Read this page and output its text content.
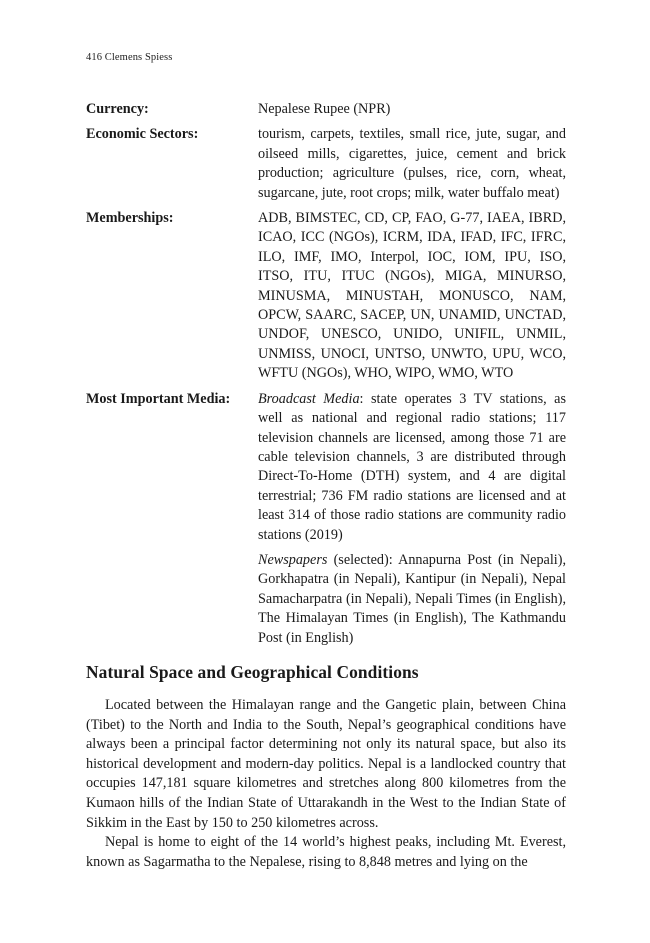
416 Clemens Spiess
Currency:	Nepalese Rupee (NPR)

Economic Sectors:	tourism, carpets, textiles, small rice, jute, sugar, and oilseed mills, cigarettes, juice, cement and brick production; agriculture (pulses, rice, corn, wheat, sugarcane, jute, root crops; milk, water buffalo meat)

Memberships:	ADB, BIMSTEC, CD, CP, FAO, G-77, IAEA, IBRD, ICAO, ICC (NGOs), ICRM, IDA, IFAD, IFC, IFRC, ILO, IMF, IMO, Interpol, IOC, IOM, IPU, ISO, ITSO, ITU, ITUC (NGOs), MIGA, MINURSO, MINUSMA, MINUSTAH, MONUSCO, NAM, OPCW, SAARC, SACEP, UN, UNAMID, UNCTAD, UNDOF, UNESCO, UNIDO, UNIFIL, UNMIL, UNMISS, UNOCI, UNTSO, UNWTO, UPU, WCO, WFTU (NGOs), WHO, WIPO, WMO, WTO

Most Important Media:	Broadcast Media: state operates 3 TV stations, as well as national and regional radio stations; 117 television channels are licensed, among those 71 are cable television channels, 3 are distributed through Direct-To-Home (DTH) system, and 4 are digital terrestrial; 736 FM radio stations are licensed and at least 314 of those radio stations are community radio stations (2019)

Newspapers (selected): Annapurna Post (in Nepali), Gorkhapatra (in Nepali), Kantipur (in Nepali), Nepal Samacharpatra (in Nepali), Nepali Times (in English), The Himalayan Times (in English), The Kathmandu Post (in English)

Natural Space and Geographical Conditions

Located between the Himalayan range and the Gangetic plain, between China (Tibet) to the North and India to the South, Nepal’s geographical conditions have always been a principal factor determining not only its natural space, but also its historical development and modern-day politics. Nepal is a landlocked country that occupies 147,181 square kilometres and stretches along 800 kilometres from the Kumaon hills of the Indian State of Uttarakandh in the West to the Indian State of Sikkim in the East by 150 to 250 kilometres across.

Nepal is home to eight of the 14 world’s highest peaks, including Mt. Everest, known as Sagarmatha to the Nepalese, rising to 8,848 metres and lying on the
